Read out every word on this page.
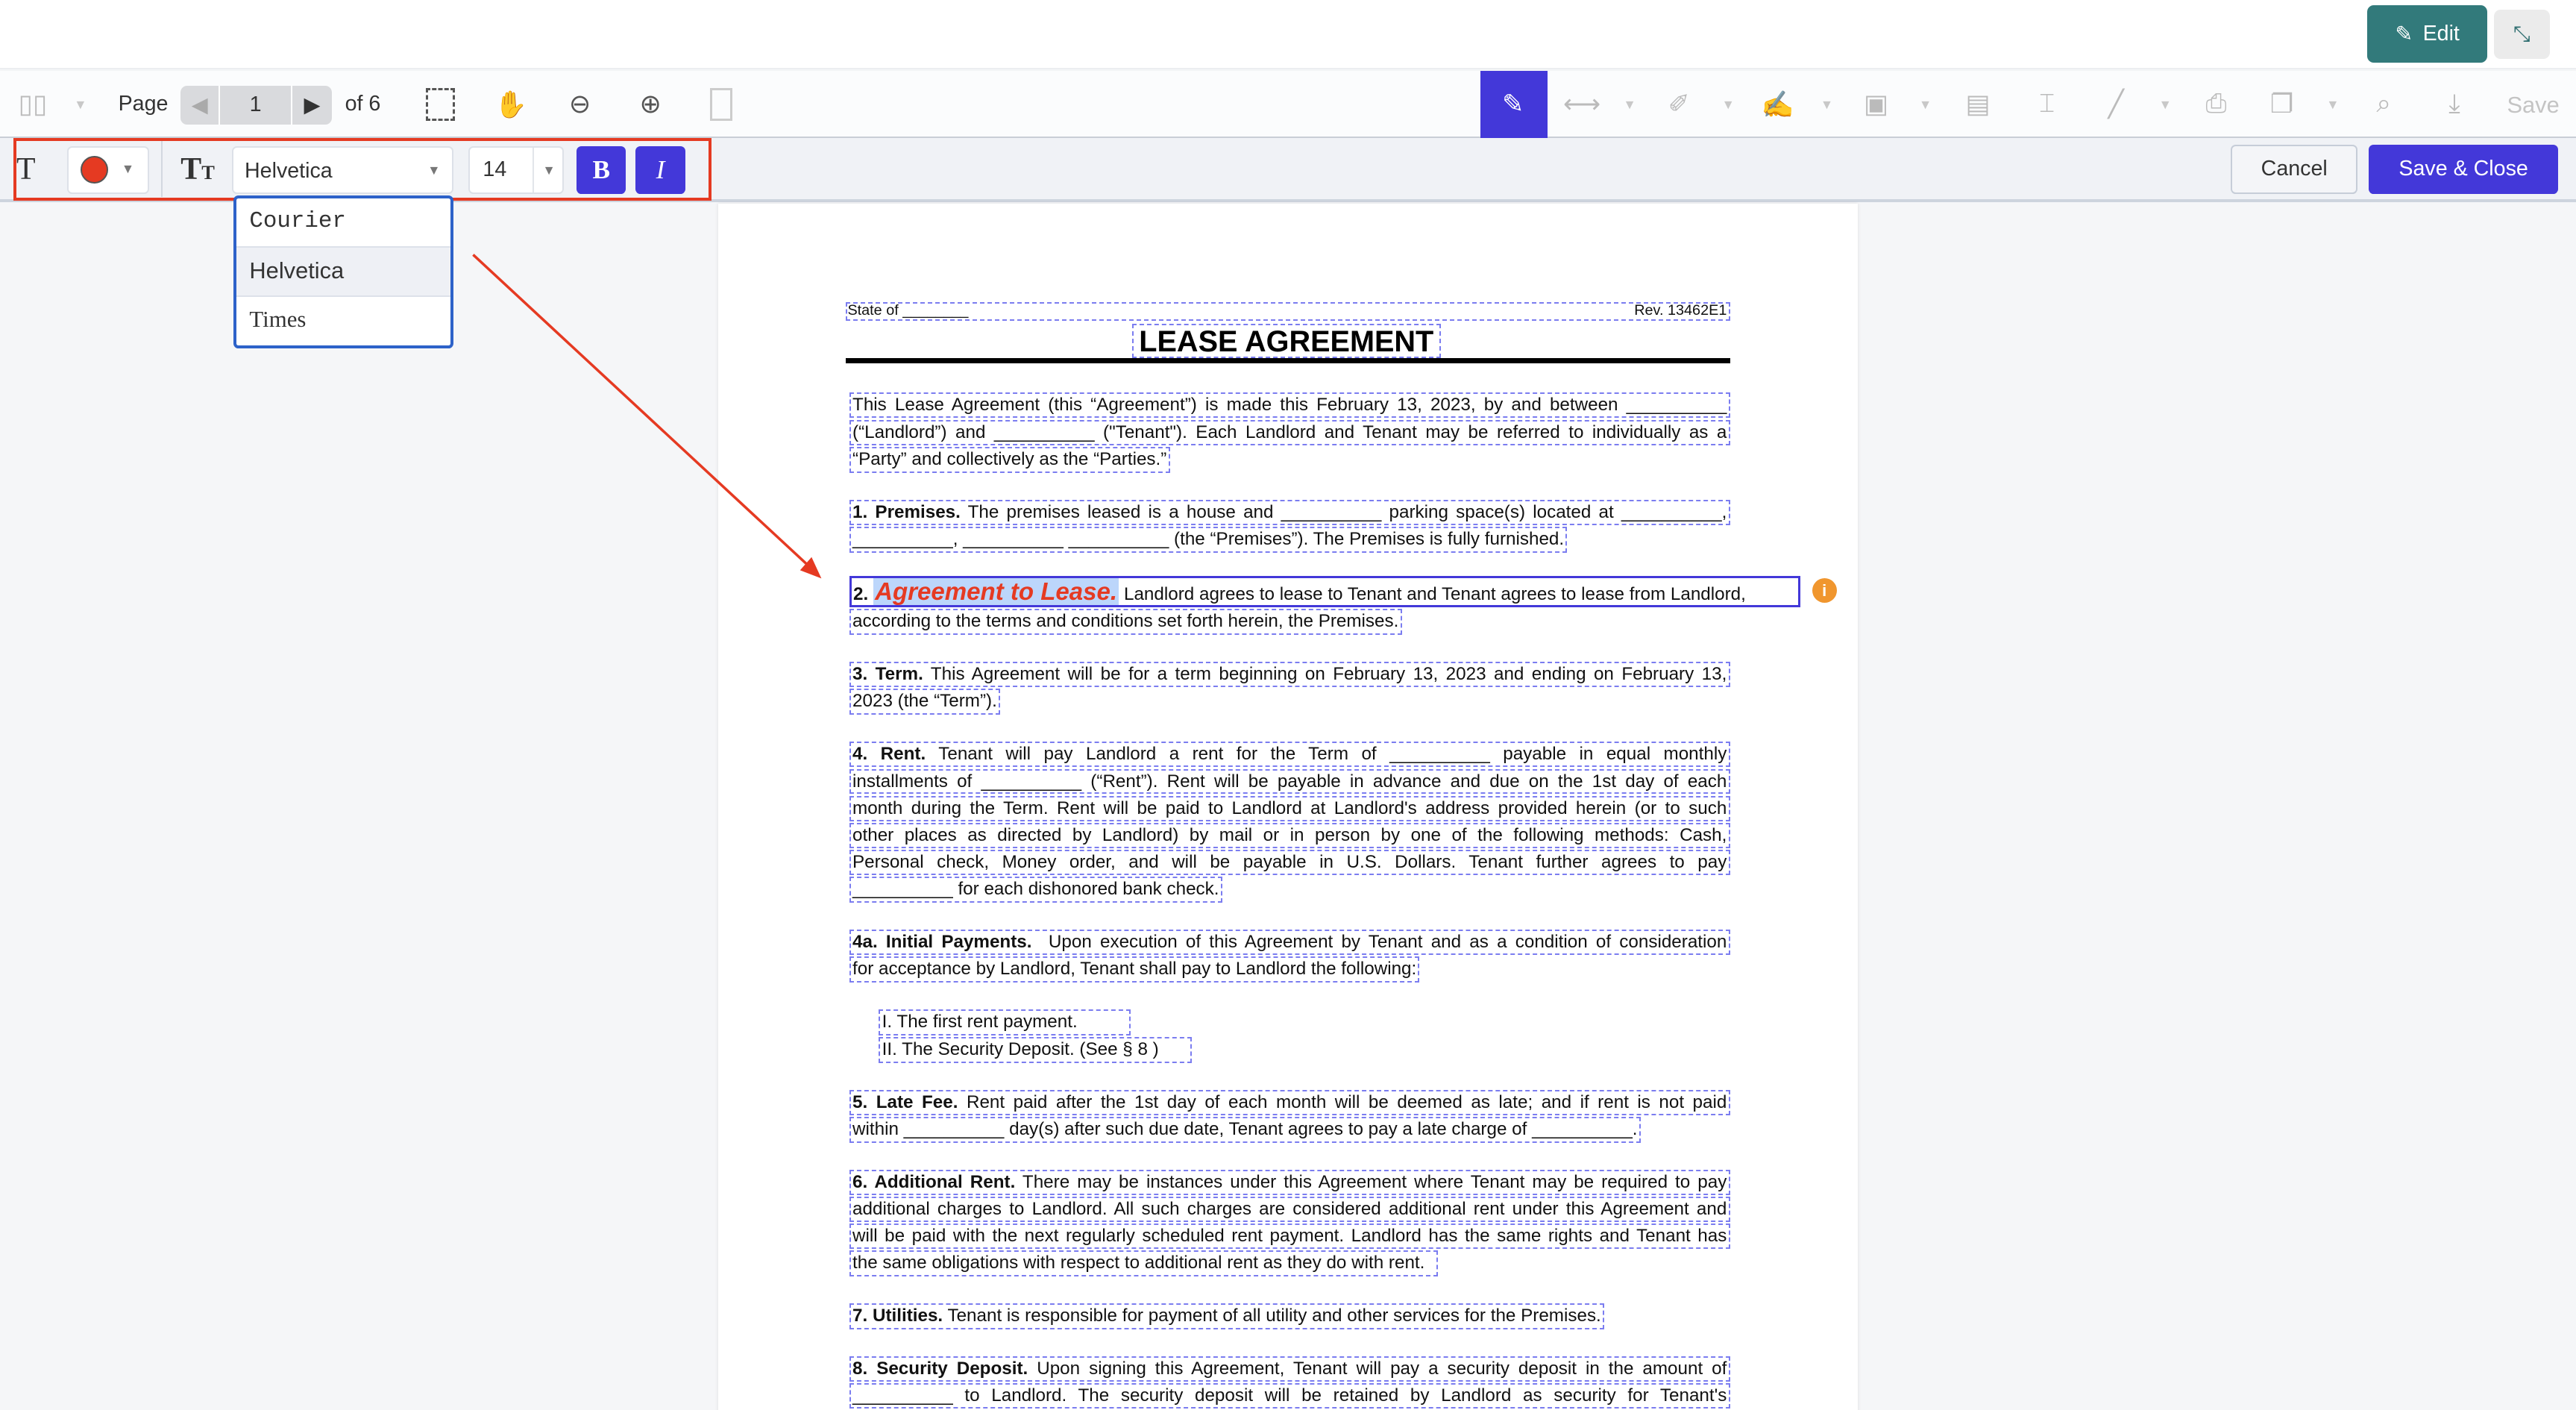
✎ Edit	⤡
▯▯	▼	Page	◀	1	▶	of 6	✋	⊖	⊕	✎	⟷	▼	✐	▼	✍	▼	▣	▼	▤	⌶	╱	▼	⎙	❐	▼	⌕	⤓	Save
T	▼	TT	Helvetica	▼	14	▼	B	I	Cancel	Save & Close
State of ________	Rev. 13462E1
LEASE AGREEMENT
This Lease Agreement (this “Agreement”) is made this February 13, 2023, by and between __________
(“Landlord”) and __________ ("Tenant"). Each Landlord and Tenant may be referred to individually as a
“Party” and collectively as the “Parties.”
1. Premises. The premises leased is a house and __________ parking space(s) located at __________,
__________, __________ __________ (the “Premises”). The Premises is fully furnished.
2. Agreement to Lease. Landlord agrees to lease to Tenant and Tenant agrees to lease from Landlord,
according to the terms and conditions set forth herein, the Premises.
3. Term. This Agreement will be for a term beginning on February 13, 2023 and ending on February 13,
2023 (the “Term”).
4. Rent. Tenant will pay Landlord a rent for the Term of __________ payable in equal monthly
installments of __________ (“Rent”). Rent will be payable in advance and due on the 1st day of each
month during the Term. Rent will be paid to Landlord at Landlord's address provided herein (or to such
other places as directed by Landlord) by mail or in person by one of the following methods: Cash,
Personal check, Money order, and will be payable in U.S. Dollars. Tenant further agrees to pay
__________ for each dishonored bank check.
4a. Initial Payments.  Upon execution of this Agreement by Tenant and as a condition of consideration
for acceptance by Landlord, Tenant shall pay to Landlord the following:
I. The first rent payment.
II. The Security Deposit. (See § 8 )
5. Late Fee. Rent paid after the 1st day of each month will be deemed as late; and if rent is not paid
within __________ day(s) after such due date, Tenant agrees to pay a late charge of __________.
6. Additional Rent. There may be instances under this Agreement where Tenant may be required to pay
additional charges to Landlord. All such charges are considered additional rent under this Agreement and
will be paid with the next regularly scheduled rent payment. Landlord has the same rights and Tenant has
the same obligations with respect to additional rent as they do with rent.
7. Utilities. Tenant is responsible for payment of all utility and other services for the Premises.
8. Security Deposit. Upon signing this Agreement, Tenant will pay a security deposit in the amount of
__________ to Landlord. The security deposit will be retained by Landlord as security for Tenant's
i
Courier
Helvetica
Times
